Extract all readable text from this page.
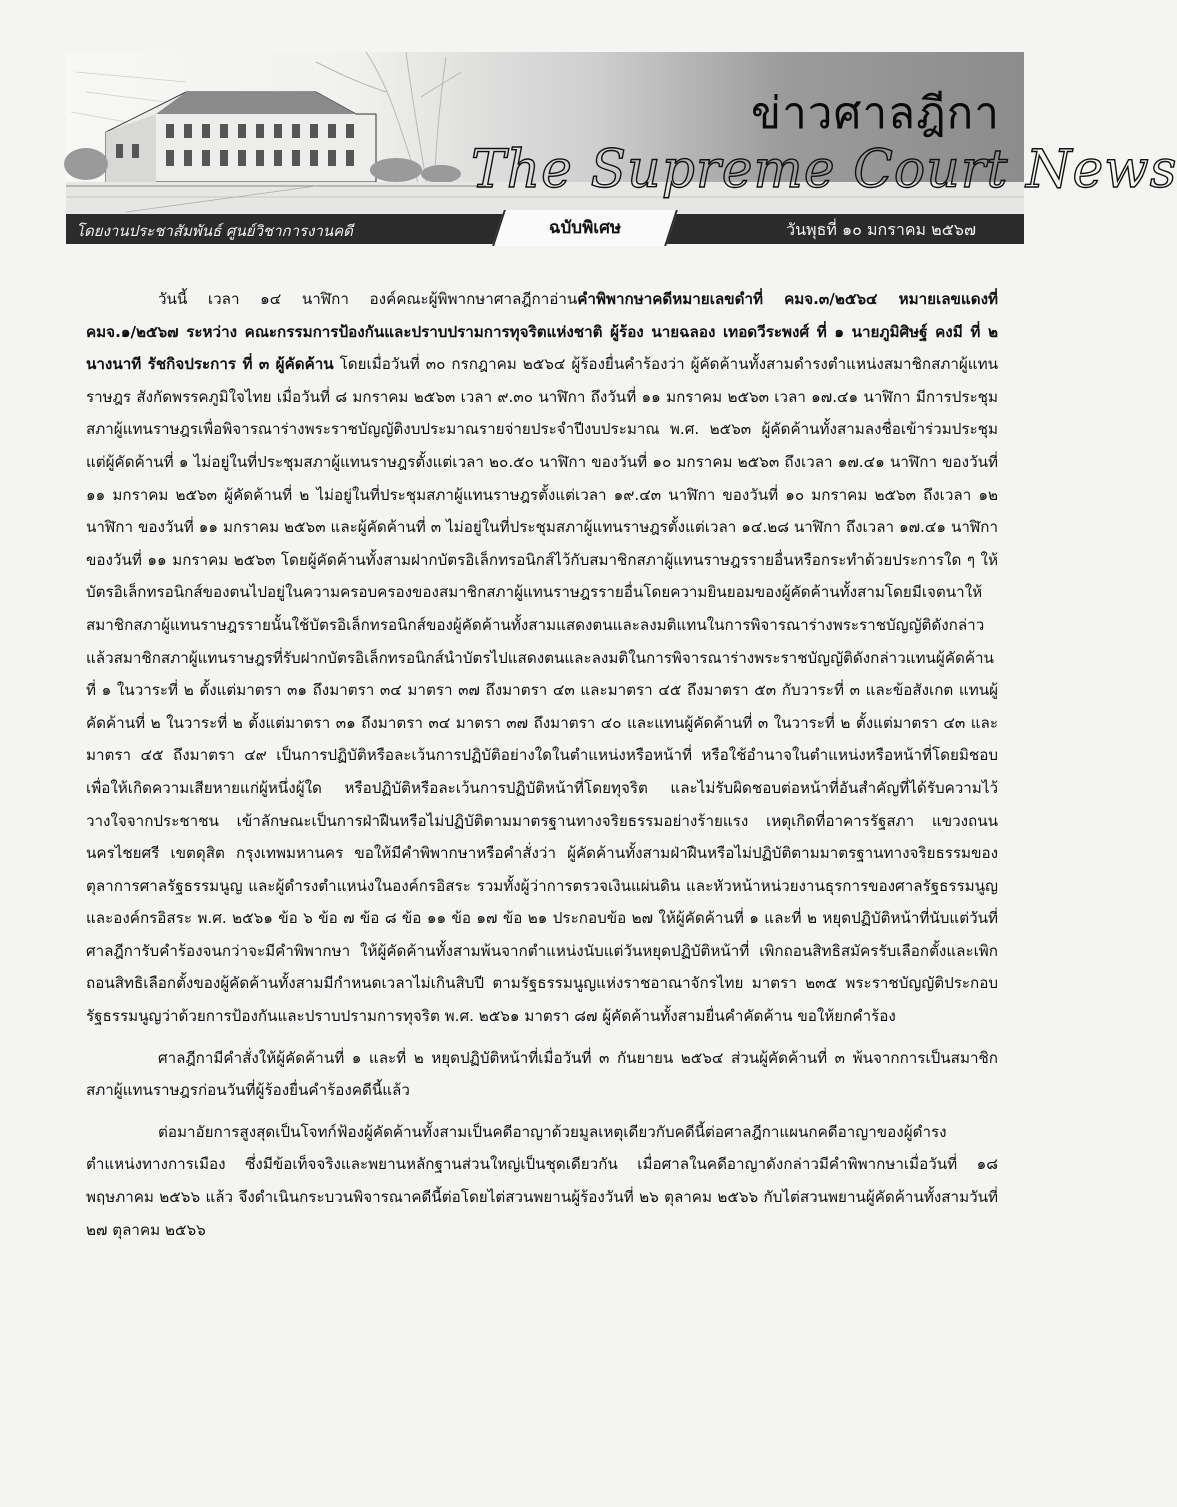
ข่าวศาลฎีกา
The Supreme Court News
โดยงานประชาสัมพันธ์ ศูนย์วิชาการงานคดี	ฉบับพิเศษ	วันพุธที่ ๑๐ มกราคม ๒๕๖๗

วันนี้ เวลา ๑๔ นาฬิกา องค์คณะผู้พิพากษาศาลฎีกาอ่านคำพิพากษาคดีหมายเลขดำที่ คมจ.๓/๒๕๖๔ หมายเลขแดงที่ คมจ.๑/๒๕๖๗ ระหว่าง คณะกรรมการป้องกันและปราบปรามการทุจริตแห่งชาติ ผู้ร้อง นายฉลอง เทอดวีระพงศ์ ที่ ๑ นายภูมิศิษฐ์ คงมี ที่ ๒ นางนาที รัชกิจประการ ที่ ๓ ผู้คัดค้าน โดยเมื่อวันที่ ๓๐ กรกฎาคม ๒๕๖๔ ผู้ร้องยื่นคำร้องว่า ผู้คัดค้านทั้งสามดำรงตำแหน่งสมาชิกสภาผู้แทนราษฎร สังกัดพรรคภูมิใจไทย เมื่อวันที่ ๘ มกราคม ๒๕๖๓ เวลา ๙.๓๐ นาฬิกา ถึงวันที่ ๑๑ มกราคม ๒๕๖๓ เวลา ๑๗.๔๑ นาฬิกา มีการประชุมสภาผู้แทนราษฎรเพื่อพิจารณาร่างพระราชบัญญัติงบประมาณรายจ่ายประจำปีงบประมาณ พ.ศ. ๒๕๖๓ ผู้คัดค้านทั้งสามลงชื่อเข้าร่วมประชุม แต่ผู้คัดค้านที่ ๑ ไม่อยู่ในที่ประชุมสภาผู้แทนราษฎรตั้งแต่เวลา ๒๐.๕๐ นาฬิกา ของวันที่ ๑๐ มกราคม ๒๕๖๓ ถึงเวลา ๑๗.๔๑ นาฬิกา ของวันที่ ๑๑ มกราคม ๒๕๖๓ ผู้คัดค้านที่ ๒ ไม่อยู่ในที่ประชุมสภาผู้แทนราษฎรตั้งแต่เวลา ๑๙.๔๓ นาฬิกา ของวันที่ ๑๐ มกราคม ๒๕๖๓ ถึงเวลา ๑๒ นาฬิกา ของวันที่ ๑๑ มกราคม ๒๕๖๓ และผู้คัดค้านที่ ๓ ไม่อยู่ในที่ประชุมสภาผู้แทนราษฎรตั้งแต่เวลา ๑๔.๒๘ นาฬิกา ถึงเวลา ๑๗.๔๑ นาฬิกา ของวันที่ ๑๑ มกราคม ๒๕๖๓ โดยผู้คัดค้านทั้งสามฝากบัตรอิเล็กทรอนิกส์ไว้กับสมาชิกสภาผู้แทนราษฎรรายอื่นหรือกระทำด้วยประการใด ๆ ให้บัตรอิเล็กทรอนิกส์ของตนไปอยู่ในความครอบครองของสมาชิกสภาผู้แทนราษฎรรายอื่นโดยความยินยอมของผู้คัดค้านทั้งสามโดยมีเจตนาให้สมาชิกสภาผู้แทนราษฎรรายนั้นใช้บัตรอิเล็กทรอนิกส์ของผู้คัดค้านทั้งสามแสดงตนและลงมติแทนในการพิจารณาร่างพระราชบัญญัติดังกล่าว แล้วสมาชิกสภาผู้แทนราษฎรที่รับฝากบัตรอิเล็กทรอนิกส์นำบัตรไปแสดงตนและลงมติในการพิจารณาร่างพระราชบัญญัติดังกล่าวแทนผู้คัดค้านที่ ๑ ในวาระที่ ๒ ตั้งแต่มาตรา ๓๑ ถึงมาตรา ๓๔ มาตรา ๓๗ ถึงมาตรา ๔๓ และมาตรา ๔๕ ถึงมาตรา ๕๓ กับวาระที่ ๓ และข้อสังเกต แทนผู้คัดค้านที่ ๒ ในวาระที่ ๒ ตั้งแต่มาตรา ๓๑ ถึงมาตรา ๓๔ มาตรา ๓๗ ถึงมาตรา ๔๐ และแทนผู้คัดค้านที่ ๓ ในวาระที่ ๒ ตั้งแต่มาตรา ๔๓ และมาตรา ๔๕ ถึงมาตรา ๔๙ เป็นการปฏิบัติหรือละเว้นการปฏิบัติอย่างใดในตำแหน่งหรือหน้าที่ หรือใช้อำนาจในตำแหน่งหรือหน้าที่โดยมิชอบ เพื่อให้เกิดความเสียหายแก่ผู้หนึ่งผู้ใด หรือปฏิบัติหรือละเว้นการปฏิบัติหน้าที่โดยทุจริต และไม่รับผิดชอบต่อหน้าที่อันสำคัญที่ได้รับความไว้วางใจจากประชาชน เข้าลักษณะเป็นการฝ่าฝืนหรือไม่ปฏิบัติตามมาตรฐานทางจริยธรรมอย่างร้ายแรง เหตุเกิดที่อาคารรัฐสภา แขวงถนนนครไชยศรี เขตดุสิต กรุงเทพมหานคร ขอให้มีคำพิพากษาหรือคำสั่งว่า ผู้คัดค้านทั้งสามฝ่าฝืนหรือไม่ปฏิบัติตามมาตรฐานทางจริยธรรมของตุลาการศาลรัฐธรรมนูญ และผู้ดำรงตำแหน่งในองค์กรอิสระ รวมทั้งผู้ว่าการตรวจเงินแผ่นดิน และหัวหน้าหน่วยงานธุรการของศาลรัฐธรรมนูญและองค์กรอิสระ พ.ศ. ๒๕๖๑ ข้อ ๖ ข้อ ๗ ข้อ ๘ ข้อ ๑๑ ข้อ ๑๗ ข้อ ๒๑ ประกอบข้อ ๒๗ ให้ผู้คัดค้านที่ ๑ และที่ ๒ หยุดปฏิบัติหน้าที่นับแต่วันที่ศาลฎีการับคำร้องจนกว่าจะมีคำพิพากษา ให้ผู้คัดค้านทั้งสามพ้นจากตำแหน่งนับแต่วันหยุดปฏิบัติหน้าที่ เพิกถอนสิทธิสมัครรับเลือกตั้งและเพิกถอนสิทธิเลือกตั้งของผู้คัดค้านทั้งสามมีกำหนดเวลาไม่เกินสิบปี ตามรัฐธรรมนูญแห่งราชอาณาจักรไทย มาตรา ๒๓๕ พระราชบัญญัติประกอบรัฐธรรมนูญว่าด้วยการป้องกันและปราบปรามการทุจริต พ.ศ. ๒๕๖๑ มาตรา ๘๗ ผู้คัดค้านทั้งสามยื่นคำคัดค้าน ขอให้ยกคำร้อง

ศาลฎีกามีคำสั่งให้ผู้คัดค้านที่ ๑ และที่ ๒ หยุดปฏิบัติหน้าที่เมื่อวันที่ ๓ กันยายน ๒๕๖๔ ส่วนผู้คัดค้านที่ ๓ พ้นจากการเป็นสมาชิกสภาผู้แทนราษฎรก่อนวันที่ผู้ร้องยื่นคำร้องคดีนี้แล้ว

ต่อมาอัยการสูงสุดเป็นโจทก์ฟ้องผู้คัดค้านทั้งสามเป็นคดีอาญาด้วยมูลเหตุเดียวกับคดีนี้ต่อศาลฎีกาแผนกคดีอาญาของผู้ดำรงตำแหน่งทางการเมือง ซึ่งมีข้อเท็จจริงและพยานหลักฐานส่วนใหญ่เป็นชุดเดียวกัน เมื่อศาลในคดีอาญาดังกล่าวมีคำพิพากษาเมื่อวันที่ ๑๘ พฤษภาคม ๒๕๖๖ แล้ว จึงดำเนินกระบวนพิจารณาคดีนี้ต่อโดยไต่สวนพยานผู้ร้องวันที่ ๒๖ ตุลาคม ๒๕๖๖ กับไต่สวนพยานผู้คัดค้านทั้งสามวันที่ ๒๗ ตุลาคม ๒๕๖๖
